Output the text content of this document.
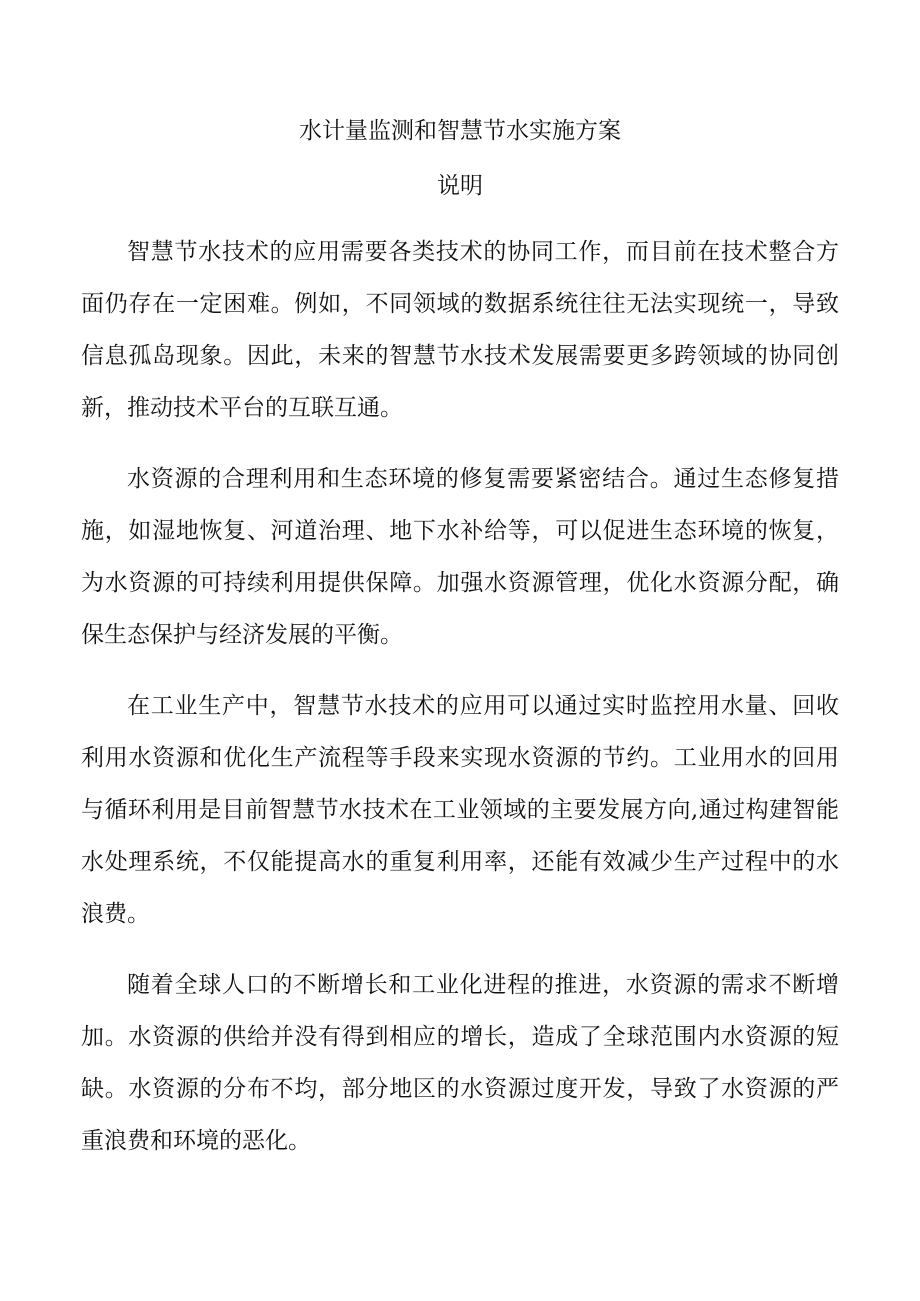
水计量监测和智慧节水实施方案
说明

智慧节水技术的应用需要各类技术的协同工作，而目前在技术整合方面仍存在一定困难。例如，不同领域的数据系统往往无法实现统一，导致信息孤岛现象。因此，未来的智慧节水技术发展需要更多跨领域的协同创新，推动技术平台的互联互通。

水资源的合理利用和生态环境的修复需要紧密结合。通过生态修复措施，如湿地恢复、河道治理、地下水补给等，可以促进生态环境的恢复，为水资源的可持续利用提供保障。加强水资源管理，优化水资源分配，确保生态保护与经济发展的平衡。

在工业生产中，智慧节水技术的应用可以通过实时监控用水量、回收利用水资源和优化生产流程等手段来实现水资源的节约。工业用水的回用与循环利用是目前智慧节水技术在工业领域的主要发展方向,通过构建智能水处理系统，不仅能提高水的重复利用率，还能有效减少生产过程中的水浪费。

随着全球人口的不断增长和工业化进程的推进，水资源的需求不断增加。水资源的供给并没有得到相应的增长，造成了全球范围内水资源的短缺。水资源的分布不均，部分地区的水资源过度开发，导致了水资源的严重浪费和环境的恶化。
